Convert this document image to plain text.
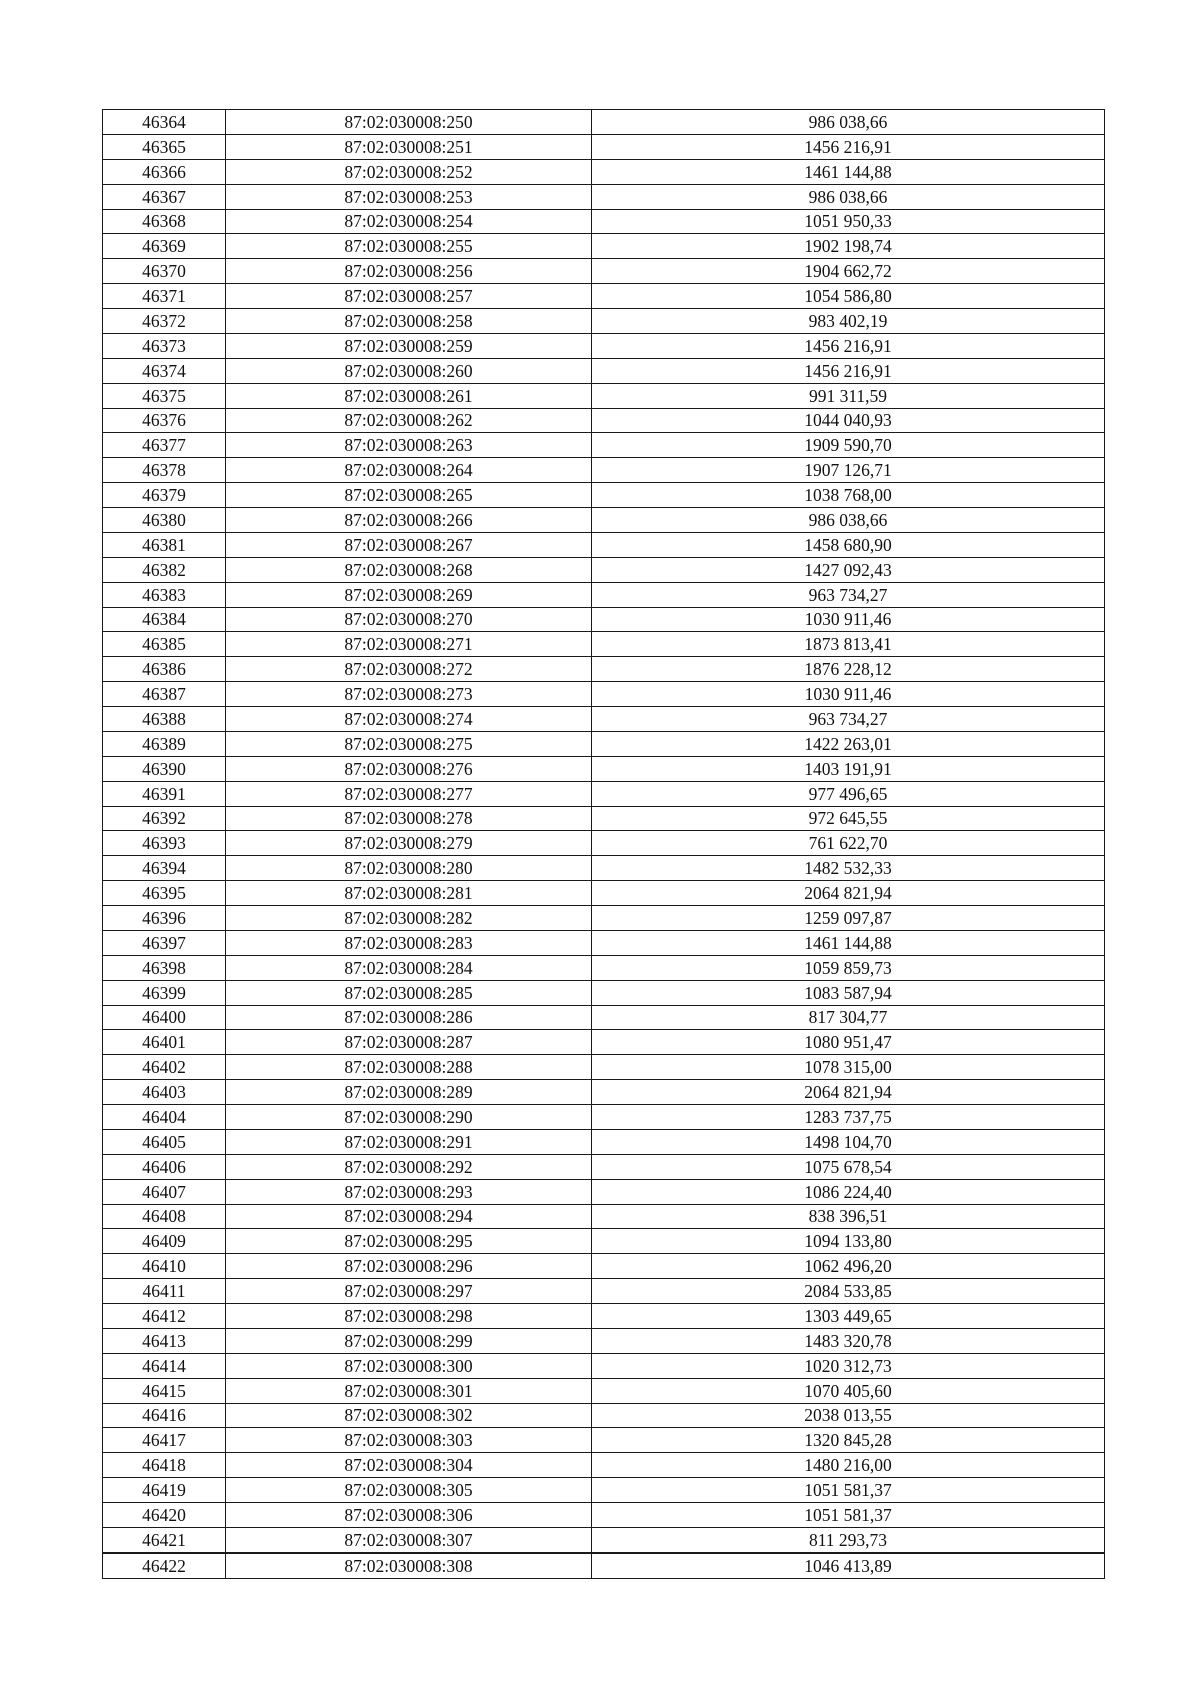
46364	87:02:030008:250	986 038,66
46365	87:02:030008:251	1456 216,91
46366	87:02:030008:252	1461 144,88
46367	87:02:030008:253	986 038,66
46368	87:02:030008:254	1051 950,33
46369	87:02:030008:255	1902 198,74
46370	87:02:030008:256	1904 662,72
46371	87:02:030008:257	1054 586,80
46372	87:02:030008:258	983 402,19
46373	87:02:030008:259	1456 216,91
46374	87:02:030008:260	1456 216,91
46375	87:02:030008:261	991 311,59
46376	87:02:030008:262	1044 040,93
46377	87:02:030008:263	1909 590,70
46378	87:02:030008:264	1907 126,71
46379	87:02:030008:265	1038 768,00
46380	87:02:030008:266	986 038,66
46381	87:02:030008:267	1458 680,90
46382	87:02:030008:268	1427 092,43
46383	87:02:030008:269	963 734,27
46384	87:02:030008:270	1030 911,46
46385	87:02:030008:271	1873 813,41
46386	87:02:030008:272	1876 228,12
46387	87:02:030008:273	1030 911,46
46388	87:02:030008:274	963 734,27
46389	87:02:030008:275	1422 263,01
46390	87:02:030008:276	1403 191,91
46391	87:02:030008:277	977 496,65
46392	87:02:030008:278	972 645,55
46393	87:02:030008:279	761 622,70
46394	87:02:030008:280	1482 532,33
46395	87:02:030008:281	2064 821,94
46396	87:02:030008:282	1259 097,87
46397	87:02:030008:283	1461 144,88
46398	87:02:030008:284	1059 859,73
46399	87:02:030008:285	1083 587,94
46400	87:02:030008:286	817 304,77
46401	87:02:030008:287	1080 951,47
46402	87:02:030008:288	1078 315,00
46403	87:02:030008:289	2064 821,94
46404	87:02:030008:290	1283 737,75
46405	87:02:030008:291	1498 104,70
46406	87:02:030008:292	1075 678,54
46407	87:02:030008:293	1086 224,40
46408	87:02:030008:294	838 396,51
46409	87:02:030008:295	1094 133,80
46410	87:02:030008:296	1062 496,20
46411	87:02:030008:297	2084 533,85
46412	87:02:030008:298	1303 449,65
46413	87:02:030008:299	1483 320,78
46414	87:02:030008:300	1020 312,73
46415	87:02:030008:301	1070 405,60
46416	87:02:030008:302	2038 013,55
46417	87:02:030008:303	1320 845,28
46418	87:02:030008:304	1480 216,00
46419	87:02:030008:305	1051 581,37
46420	87:02:030008:306	1051 581,37
46421	87:02:030008:307	811 293,73
46422	87:02:030008:308	1046 413,89
